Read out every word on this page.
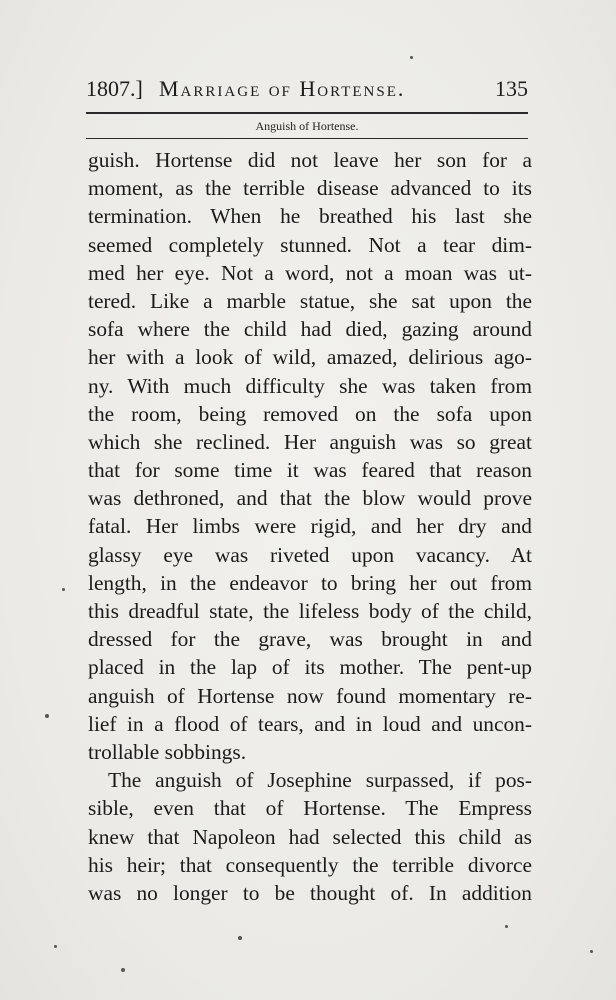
1807.] Marriage of Hortense.	135
Anguish of Hortense.
guish. Hortense did not leave her son for a
moment, as the terrible disease advanced to its
termination. When he breathed his last she
seemed completely stunned. Not a tear dim-
med her eye. Not a word, not a moan was ut-
tered. Like a marble statue, she sat upon the
sofa where the child had died, gazing around
her with a look of wild, amazed, delirious ago-
ny. With much difficulty she was taken from
the room, being removed on the sofa upon
which she reclined. Her anguish was so great
that for some time it was feared that reason
was dethroned, and that the blow would prove
fatal. Her limbs were rigid, and her dry and
glassy eye was riveted upon vacancy. At
length, in the endeavor to bring her out from
this dreadful state, the lifeless body of the child,
dressed for the grave, was brought in and
placed in the lap of its mother. The pent-up
anguish of Hortense now found momentary re-
lief in a flood of tears, and in loud and uncon-
trollable sobbings.
The anguish of Josephine surpassed, if pos-
sible, even that of Hortense. The Empress
knew that Napoleon had selected this child as
his heir; that consequently the terrible divorce
was no longer to be thought of. In addition
